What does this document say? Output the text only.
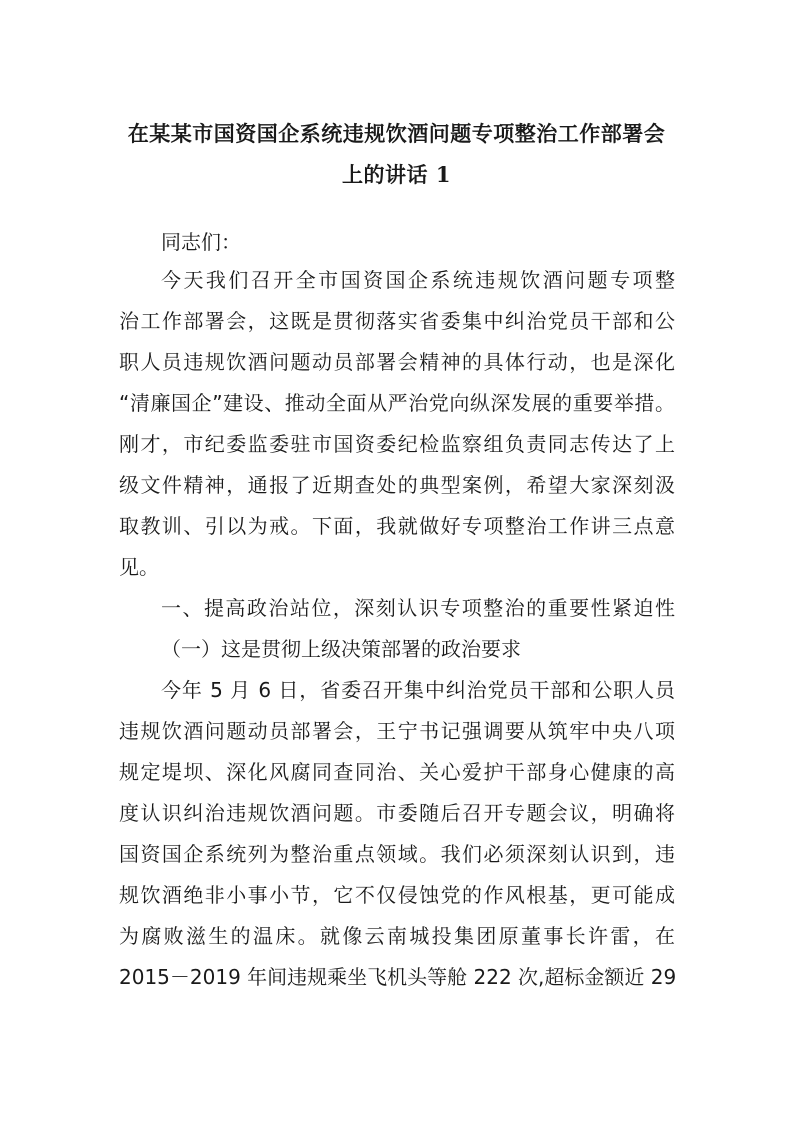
在某某市国资国企系统违规饮酒问题专项整治工作部署会
上的讲话 1
同志们：
今天我们召开全市国资国企系统违规饮酒问题专项整
治工作部署会，这既是贯彻落实省委集中纠治党员干部和公
职人员违规饮酒问题动员部署会精神的具体行动，也是深化
“清廉国企”建设、推动全面从严治党向纵深发展的重要举措。
刚才，市纪委监委驻市国资委纪检监察组负责同志传达了上
级文件精神，通报了近期查处的典型案例，希望大家深刻汲
取教训、引以为戒。下面，我就做好专项整治工作讲三点意
见。
一、提高政治站位，深刻认识专项整治的重要性紧迫性
（一）这是贯彻上级决策部署的政治要求
今年 5 月 6 日，省委召开集中纠治党员干部和公职人员
违规饮酒问题动员部署会，王宁书记强调要从筑牢中央八项
规定堤坝、深化风腐同查同治、关心爱护干部身心健康的高
度认识纠治违规饮酒问题。市委随后召开专题会议，明确将
国资国企系统列为整治重点领域。我们必须深刻认识到，违
规饮酒绝非小事小节，它不仅侵蚀党的作风根基，更可能成
为腐败滋生的温床。就像云南城投集团原董事长许雷，在
2015－2019 年间违规乘坐飞机头等舱 222 次,超标金额近 29
